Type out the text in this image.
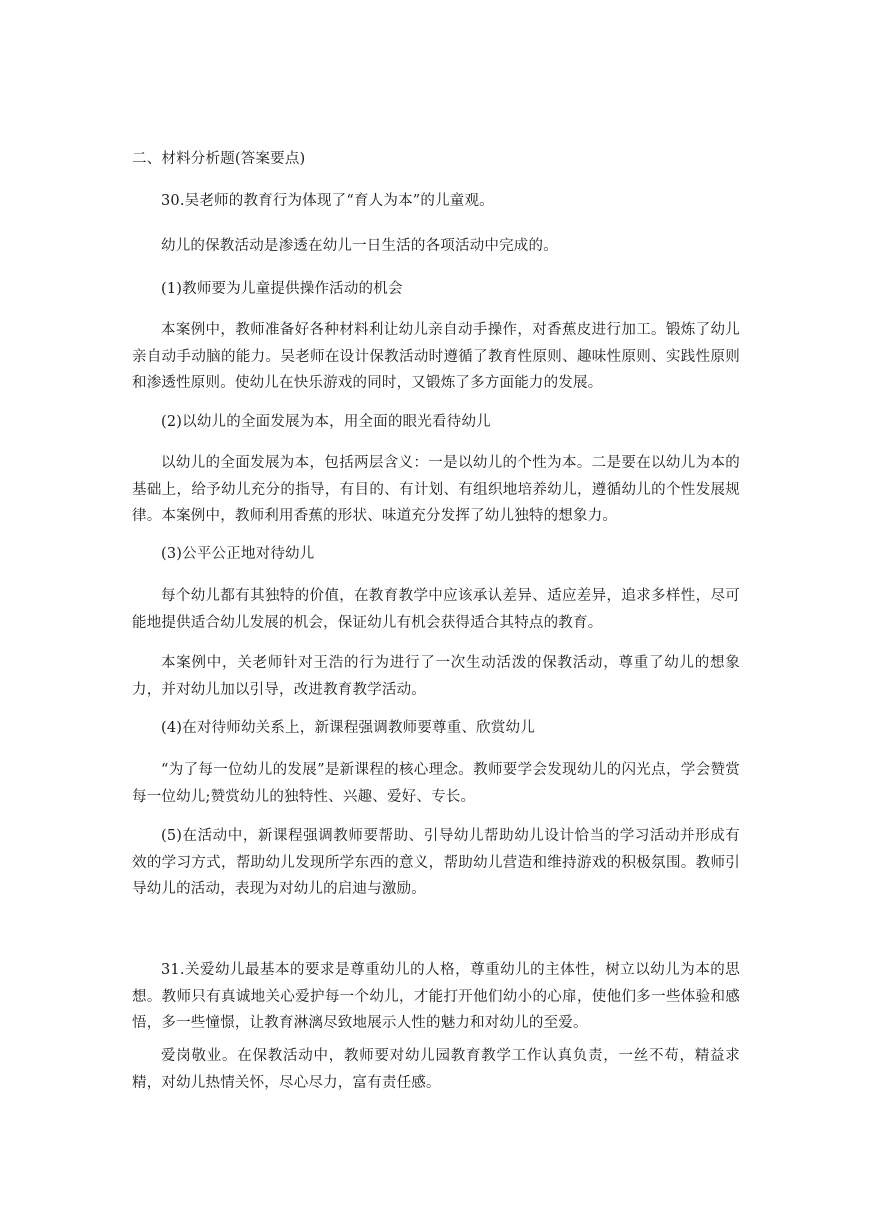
二、材料分析题(答案要点)
30.吴老师的教育行为体现了“育人为本”的儿童观。
幼儿的保教活动是渗透在幼儿一日生活的各项活动中完成的。
(1)教师要为儿童提供操作活动的机会
本案例中，教师准备好各种材料利让幼儿亲自动手操作，对香蕉皮进行加工。锻炼了幼儿亲自动手动脑的能力。吴老师在设计保教活动时遵循了教育性原则、趣味性原则、实践性原则和渗透性原则。使幼儿在快乐游戏的同时，又锻炼了多方面能力的发展。
(2)以幼儿的全面发展为本，用全面的眼光看待幼儿
以幼儿的全面发展为本，包括两层含义：一是以幼儿的个性为本。二是要在以幼儿为本的基础上，给予幼儿充分的指导，有目的、有计划、有组织地培养幼儿，遵循幼儿的个性发展规律。本案例中，教师利用香蕉的形状、味道充分发挥了幼儿独特的想象力。
(3)公平公正地对待幼儿
每个幼儿都有其独特的价值，在教育教学中应该承认差异、适应差异，追求多样性，尽可能地提供适合幼儿发展的机会，保证幼儿有机会获得适合其特点的教育。
本案例中，关老师针对王浩的行为进行了一次生动活泼的保教活动，尊重了幼儿的想象力，并对幼儿加以引导，改进教育教学活动。
(4)在对待师幼关系上，新课程强调教师要尊重、欣赏幼儿
“为了每一位幼儿的发展”是新课程的核心理念。教师要学会发现幼儿的闪光点，学会赞赏每一位幼儿;赞赏幼儿的独特性、兴趣、爱好、专长。
(5)在活动中，新课程强调教师要帮助、引导幼儿帮助幼儿设计恰当的学习活动并形成有效的学习方式，帮助幼儿发现所学东西的意义，帮助幼儿营造和维持游戏的积极氛围。教师引导幼儿的活动，表现为对幼儿的启迪与激励。
31.关爱幼儿最基本的要求是尊重幼儿的人格，尊重幼儿的主体性，树立以幼儿为本的思想。教师只有真诚地关心爱护每一个幼儿，才能打开他们幼小的心扉，使他们多一些体验和感悟，多一些憧憬，让教育淋漓尽致地展示人性的魅力和对幼儿的至爱。
爱岗敬业。在保教活动中，教师要对幼儿园教育教学工作认真负责，一丝不苟，精益求精，对幼儿热情关怀，尽心尽力，富有责任感。
